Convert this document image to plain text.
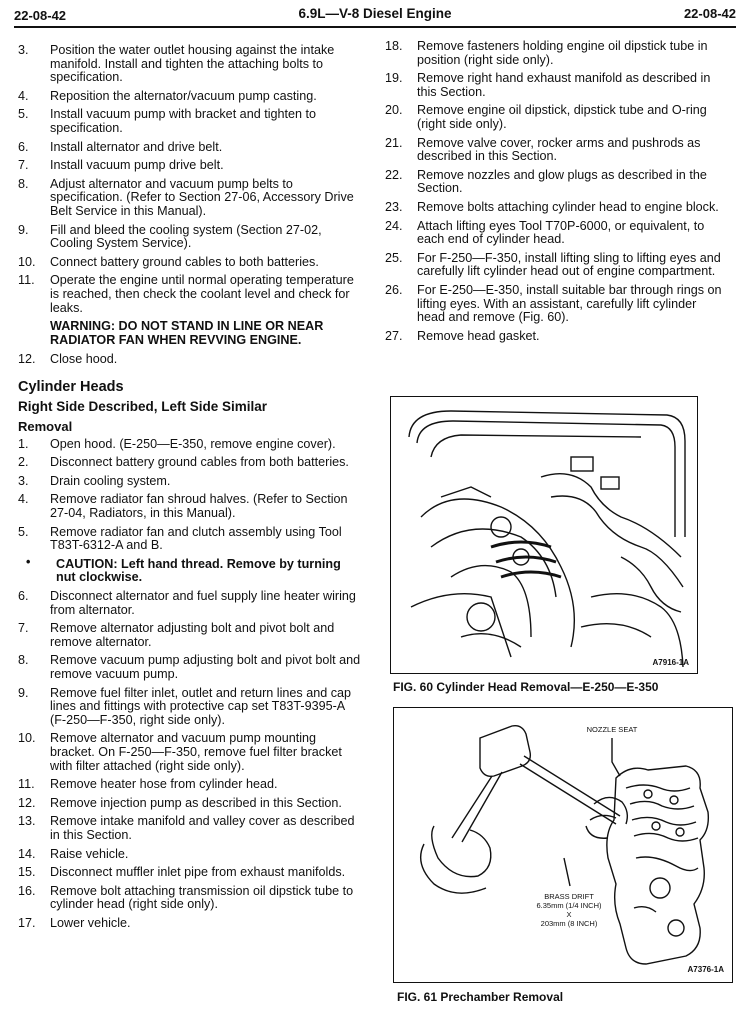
22-08-42	6.9L—V-8 Diesel Engine	22-08-42
3.	Position the water outlet housing against the intake manifold. Install and tighten the attaching bolts to specification.
4.	Reposition the alternator/vacuum pump casting.
5.	Install vacuum pump with bracket and tighten to specification.
6.	Install alternator and drive belt.
7.	Install vacuum pump drive belt.
8.	Adjust alternator and vacuum pump belts to specification. (Refer to Section 27-06, Accessory Drive Belt Service in this Manual).
9.	Fill and bleed the cooling system (Section 27-02, Cooling System Service).
10.	Connect battery ground cables to both batteries.
11.	Operate the engine until normal operating temperature is reached, then check the coolant level and check for leaks.
WARNING: DO NOT STAND IN LINE OR NEAR RADIATOR FAN WHEN REVVING ENGINE.
12.	Close hood.
Cylinder Heads
Right Side Described, Left Side Similar
Removal
1.	Open hood. (E-250—E-350, remove engine cover).
2.	Disconnect battery ground cables from both batteries.
3.	Drain cooling system.
4.	Remove radiator fan shroud halves. (Refer to Section 27-04, Radiators, in this Manual).
5.	Remove radiator fan and clutch assembly using Tool T83T-6312-A and B.
• CAUTION: Left hand thread. Remove by turning nut clockwise.
6.	Disconnect alternator and fuel supply line heater wiring from alternator.
7.	Remove alternator adjusting bolt and pivot bolt and remove alternator.
8.	Remove vacuum pump adjusting bolt and pivot bolt and remove vacuum pump.
9.	Remove fuel filter inlet, outlet and return lines and cap lines and fittings with protective cap set T83T-9395-A (F-250—F-350, right side only).
10.	Remove alternator and vacuum pump mounting bracket. On F-250—F-350, remove fuel filter bracket with filter attached (right side only).
11.	Remove heater hose from cylinder head.
12.	Remove injection pump as described in this Section.
13.	Remove intake manifold and valley cover as described in this Section.
14.	Raise vehicle.
15.	Disconnect muffler inlet pipe from exhaust manifolds.
16.	Remove bolt attaching transmission oil dipstick tube to cylinder head (right side only).
17.	Lower vehicle.
18.	Remove fasteners holding engine oil dipstick tube in position (right side only).
19.	Remove right hand exhaust manifold as described in this Section.
20.	Remove engine oil dipstick, dipstick tube and O-ring (right side only).
21.	Remove valve cover, rocker arms and pushrods as described in this Section.
22.	Remove nozzles and glow plugs as described in the Section.
23.	Remove bolts attaching cylinder head to engine block.
24.	Attach lifting eyes Tool T70P-6000, or equivalent, to each end of cylinder head.
25.	For F-250—F-350, install lifting sling to lifting eyes and carefully lift cylinder head out of engine compartment.
26.	For E-250—E-350, install suitable bar through rings on lifting eyes. With an assistant, carefully lift cylinder head and remove (Fig. 60).
27.	Remove head gasket.
A7916-1A
FIG. 60 Cylinder Head Removal—E-250—E-350
NOZZLE SEAT
BRASS DRIFT
6.35mm (1/4 INCH)
X
203mm (8 INCH)
A7376-1A
FIG. 61 Prechamber Removal
